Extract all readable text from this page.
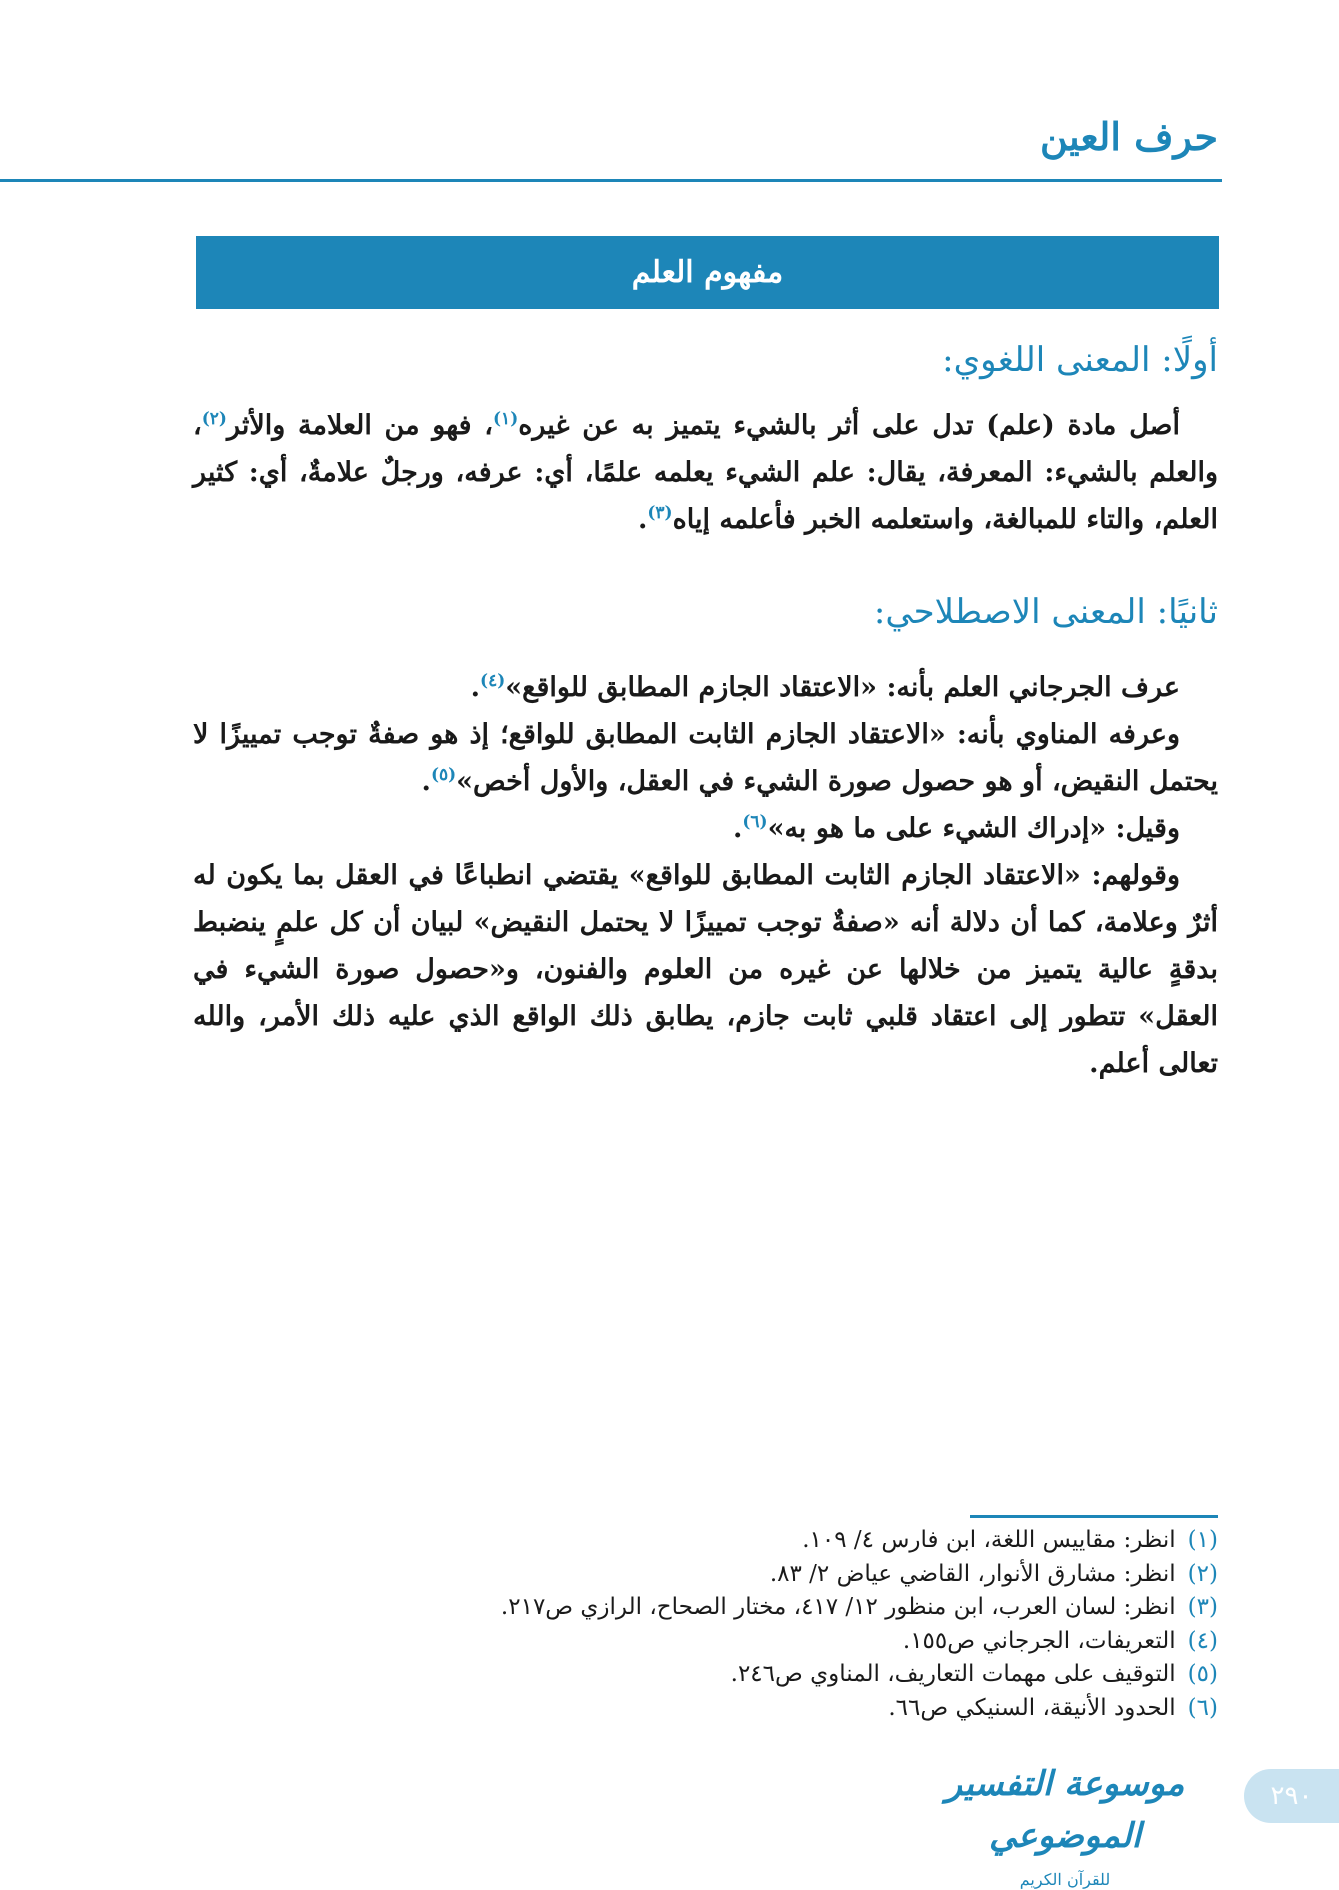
حرف العين
مفهوم العلم
أولًا: المعنى اللغوي:

أصل مادة (علم) تدل على أثر بالشيء يتميز به عن غيره$^{(١)}$، فهو من العلامة والأثر$^{(٢)}$، والعلم بالشيء: المعرفة، يقال: علم الشيء يعلمه علمًا، أي: عرفه، ورجلٌ علامةٌ، أي: كثير العلم، والتاء للمبالغة، واستعلمه الخبر فأعلمه إياه$^{(٣)}$.

ثانيًا: المعنى الاصطلاحي:

عرف الجرجاني العلم بأنه: «الاعتقاد الجازم المطابق للواقع»$^{(٤)}$.

وعرفه المناوي بأنه: «الاعتقاد الجازم الثابت المطابق للواقع؛ إذ هو صفةٌ توجب تمييزًا لا يحتمل النقيض، أو هو حصول صورة الشيء في العقل، والأول أخص»$^{(٥)}$.

وقيل: «إدراك الشيء على ما هو به»$^{(٦)}$.

وقولهم: «الاعتقاد الجازم الثابت المطابق للواقع» يقتضي انطباعًا في العقل بما يكون له أثرٌ وعلامة، كما أن دلالة أنه «صفةٌ توجب تمييزًا لا يحتمل النقيض» لبيان أن كل علمٍ ينضبط بدقةٍ عالية يتميز من خلالها عن غيره من العلوم والفنون، و«حصول صورة الشيء في العقل» تتطور إلى اعتقاد قلبي ثابت جازم، يطابق ذلك الواقع الذي عليه ذلك الأمر، والله تعالى أعلم.

(١)
انظر: مقاييس اللغة، ابن فارس ٤/ ١٠٩.
(٢)
انظر: مشارق الأنوار، القاضي عياض ٢/ ٨٣.
(٣)
انظر: لسان العرب، ابن منظور ١٢/ ٤١٧، مختار الصحاح، الرازي ص٢١٧.
(٤)
التعريفات، الجرجاني ص١٥٥.
(٥)
التوقيف على مهمات التعاريف، المناوي ص٢٤٦.
(٦)
الحدود الأنيقة، السنيكي ص٦٦.
موسوعة التفسير الموضوعي
للقرآن الكريم
٢٩٠
